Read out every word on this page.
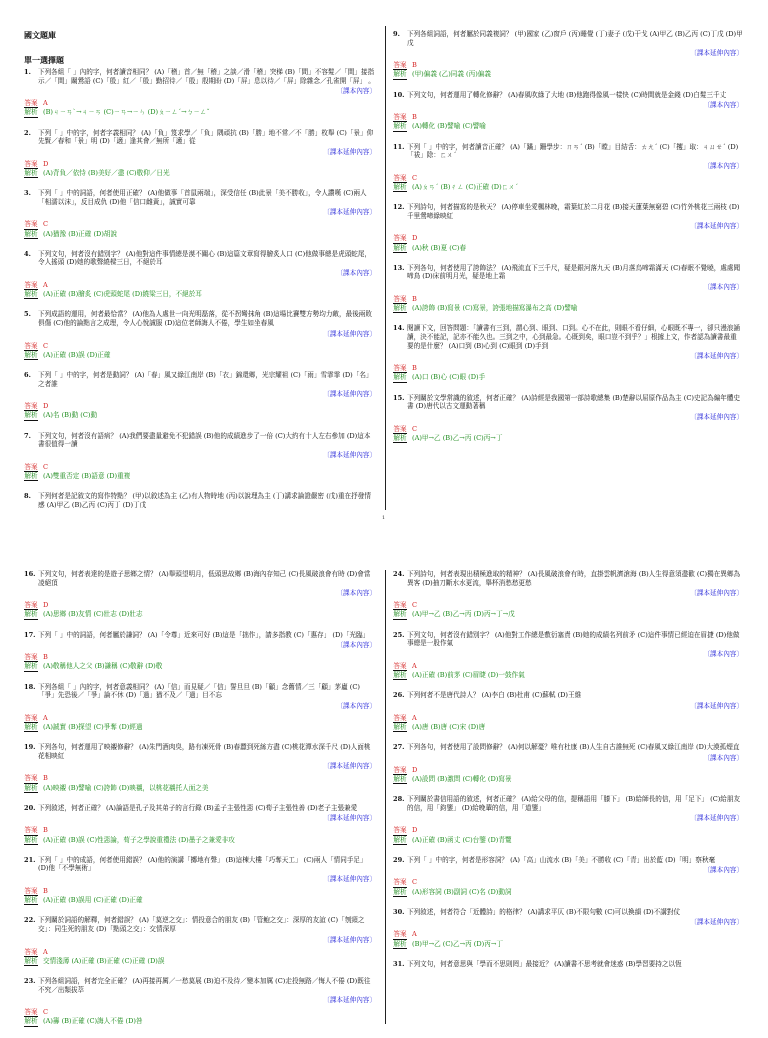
國文題庫
單一選擇題
1.	下列各組「 」內的字，何者讀音相同？ (A)「稽」首／無「稽」之談／滑「稽」突梯 (B)「間」不容髮／「間」接指示／「間」關鶯語 (C)「殷」紅／「殷」勤招待／「殷」殷期盼 (D)「屏」息以待／「屏」除雜念／孔雀開「屏」 。
〔課本內容〕
答案 A
解析 (B)ㄐㄧㄢˋ→ㄐㄧㄢ (C)ㄧㄢ→ㄧㄣ (D)ㄆㄧㄥˊ→ㄅㄧㄥˇ
2.	下列「 」中的字，何者字義相同？ (A)「負」笈求學／「負」隅頑抗 (B)「勝」地不常／不「勝」枚舉 (C)「景」仰先賢／春和「景」明 (D)「適」逢其會／無所「適」從
〔課本延伸內容〕
答案 D
解析 (A)背負／依恃 (B)美好／盡 (C)敬仰／日光
3.	下列「 」中的詞語，何者使用正確？ (A)他做事「首鼠兩端」，深受信任 (B)此景「美不勝收」，令人讚嘆 (C)兩人「相濡以沫」，反目成仇 (D)他「信口雌黃」，誠實可靠
〔課本延伸內容〕
答案 C
解析 (A)猶豫 (B)正確 (D)胡說
4.	下列文句，何者沒有錯別字？ (A)他對這件事情總是漠不關心 (B)這篇文章寫得膾炙人口 (C)他做事總是虎頭蛇尾，令人搖頭 (D)她的歌聲繞樑三日，不絕於耳
〔課本內容〕
答案 A
解析 (A)正確 (B)膾炙 (C)虎頭蛇尾 (D)繞梁三日，不絕於耳
5.	下列成語的運用，何者最恰當？ (A)他為人處世一向光明磊落，從不拐彎抹角 (B)這場比賽雙方勢均力敵，最後兩敗俱傷 (C)他的論點言之成理，令人心悅誠服 (D)這位老師誨人不倦，學生如坐春風
〔課本延伸內容〕
答案 C
解析 (A)正確 (B)誤 (D)正確
6.	下列「 」中的字，何者是動詞？ (A)「春」風又綠江南岸 (B)「衣」錦還鄉，光宗耀祖 (C)「雨」雪霏霏 (D)「名」之者誰
〔課本延伸內容〕
答案 D
解析 (A)名 (B)動 (C)動
7.	下列文句，何者沒有語病？ (A)我們要盡量避免不犯錯誤 (B)他的成績進步了一倍 (C)大約有十人左右參加 (D)這本書很值得一讀
〔課本延伸內容〕
答案 C
解析 (A)雙重否定 (B)語意 (D)重複
8.	下列何者是記敘文的寫作特點？ (甲)以敘述為主 (乙)有人物時地 (丙)以說理為主 (丁)講求論證嚴密 (戊)重在抒發情感 (A)甲乙 (B)乙丙 (C)丙丁 (D)丁戊
9.	下列各組詞語，何者屬於同義複詞？ (甲)國家 (乙)窗戶 (丙)睡覺 (丁)妻子 (戊)干戈 (A)甲乙 (B)乙丙 (C)丁戊 (D)甲戊
〔課本延伸內容〕
答案 B
解析 (甲)偏義 (乙)同義 (丙)偏義
10. 下列文句，何者運用了轉化修辭？ (A)春風吹綠了大地 (B)他跑得像風一樣快 (C)時間就是金錢 (D)白髮三千丈
〔課本內容〕
答案 B
解析 (A)轉化 (B)譬喻 (C)譬喻
11. 下列「 」中的字，何者讀音正確？ (A)「蹣」跚學步：ㄇㄢˊ (B)「瞠」目結舌：ㄊㄤˊ (C)「攫」取：ㄐㄩㄝˊ (D)「祓」除：ㄈㄨˊ
〔課本內容〕
答案 C
解析 (A)ㄆㄢˊ (B)ㄔㄥ (C)正確 (D)ㄈㄨˊ
12. 下列詩句，何者描寫的是秋天？ (A)停車坐愛楓林晚，霜葉紅於二月花 (B)接天蓮葉無窮碧 (C)竹外桃花三兩枝 (D)千里鶯啼綠映紅
〔課本延伸內容〕
答案 D
解析 (A)秋 (B)夏 (C)春
13. 下列各句，何者使用了誇飾法？ (A)飛流直下三千尺，疑是銀河落九天 (B)月落烏啼霜滿天 (C)春眠不覺曉，處處聞啼鳥 (D)床前明月光，疑是地上霜
〔課本內容〕
答案 B
解析 (A)誇飾 (B)寫景 (C)寫景，誇張地描寫瀑布之高 (D)譬喻
14. 閱讀下文，回答問題：「讀書有三到，謂心到、眼到、口到。心不在此，則眼不看仔細，心眼既不專一，卻只漫浪誦讀，決不能記，記亦不能久也。三到之中，心到最急。心既到矣，眼口豈不到乎？」根據上文，作者認為讀書最重要的是什麼？ (A)口到 (B)心到 (C)眼到 (D)手到
〔課本延伸內容〕
答案 B
解析 (A)口 (B)心 (C)眼 (D)手
15. 下列關於文學常識的敘述，何者正確？ (A)詩經是我國第一部詩歌總集 (B)楚辭以屈原作品為主 (C)史記為編年體史書 (D)唐代以古文運動著稱
〔課本延伸內容〕
答案 C
解析 (A)甲→乙 (B)乙→丙 (C)丙→丁
1
16. 下列文句，何者表達的是遊子思鄉之情？ (A)舉頭望明月，低頭思故鄉 (B)海內存知己 (C)長風破浪會有時 (D)會當凌絕頂
〔課本內容〕
答案 D
解析 (A)思鄉 (B)友情 (C)壯志 (D)壯志
17. 下列「 」中的詞語，何者屬於謙詞？ (A)「令尊」近來可好 (B)這是「拙作」，請多指教 (C)「惠存」 (D)「光臨」
〔課本內容〕
答案 B
解析 (A)敬稱他人之父 (B)謙稱 (C)敬辭 (D)敬
18. 下列各組「 」內的字，何者意義相同？ (A)「信」而見疑／「信」誓旦旦 (B)「顧」念舊情／三「顧」茅廬 (C)「爭」先恐後／「爭」論不休 (D)「過」猶不及／「過」目不忘
〔課本內容〕
答案 A
解析 (A)誠實 (B)探望 (C)爭奪 (D)經過
19. 下列各句，何者運用了映襯修辭？ (A)朱門酒肉臭，路有凍死骨 (B)春蠶到死絲方盡 (C)桃花潭水深千尺 (D)人面桃花相映紅
〔課本延伸內容〕
答案 B
解析 (A)映襯 (B)譬喻 (C)誇飾 (D)映襯，以桃花襯托人面之美
20. 下列敘述，何者正確？ (A)論語是孔子及其弟子的言行錄 (B)孟子主張性惡 (C)荀子主張性善 (D)老子主張兼愛
〔課本延伸內容〕
答案 B
解析 (A)正確 (B)誤 (C)性惡論，荀子之學說重禮法 (D)墨子之兼愛非攻
21. 下列「 」中的成語，何者使用錯誤？ (A)他的演講「擲地有聲」 (B)這棟大樓「巧奪天工」 (C)兩人「情同手足」 (D)他「不學無術」
〔課本延伸內容〕
答案 B
解析 (A)正確 (B)誤用 (C)正確 (D)正確
22. 下列關於詞語的解釋，何者錯誤？ (A)「莫逆之交」：情投意合的朋友 (B)「管鮑之交」：深厚的友誼 (C)「刎頸之交」：同生死的朋友 (D)「點頭之交」：交情深厚
〔課本延伸內容〕
答案 A
解析 交情淺薄 (A)正確 (B)正確 (C)正確 (D)誤
23. 下列各組詞語，何者完全正確？ (A)再接再厲／一愁莫展 (B)迫不及待／變本加厲 (C)走投無路／悔人不倦 (D)既往不究／出類拔萃
〔課本延伸內容〕
答案 C
解析 (A)籌 (B)正確 (C)誨人不倦 (D)咎
24. 下列詩句，何者表現出積極進取的精神？ (A)長風破浪會有時，直掛雲帆濟滄海 (B)人生得意須盡歡 (C)獨在異鄉為異客 (D)抽刀斷水水更流，舉杯消愁愁更愁
〔課本延伸內容〕
答案 C
解析 (A)甲→乙 (B)乙→丙 (D)丙→丁→戊
25. 下列文句，何者沒有錯別字？ (A)他對工作總是敷衍塞責 (B)她的成績名列前矛 (C)這件事情已經迫在眉捷 (D)他做事總是一股作氣
〔課本內容〕
答案 A
解析 (A)正確 (B)前茅 (C)眉睫 (D)一鼓作氣
26. 下列何者不是唐代詩人？ (A)李白 (B)杜甫 (C)蘇軾 (D)王維
〔課本延伸內容〕
答案 A
解析 (A)唐 (B)唐 (C)宋 (D)唐
27. 下列各句，何者使用了設問修辭？ (A)何以解憂？唯有杜康 (B)人生自古誰無死 (C)春風又綠江南岸 (D)大漠孤煙直
〔課本內容〕
答案 D
解析 (A)設問 (B)激問 (C)轉化 (D)寫景
28. 下列關於書信用語的敘述，何者正確？ (A)給父母的信，提稱語用「膝下」 (B)給師長的信，用「足下」 (C)給朋友的信，用「鈞鑒」 (D)給晚輩的信，用「道鑒」
〔課本延伸內容〕
答案 D
解析 (A)正確 (B)函丈 (C)台鑒 (D)青覽
29. 下列「 」中的字，何者是形容詞？ (A)「高」山流水 (B)「美」不勝收 (C)「青」出於藍 (D)「明」察秋毫
〔課本內容〕
答案 C
解析 (A)形容詞 (B)副詞 (C)名 (D)動詞
30. 下列敘述，何者符合「近體詩」的格律？ (A)講求平仄 (B)不限句數 (C)可以換韻 (D)不講對仗
〔課本延伸內容〕
答案 A
解析 (B)甲→乙 (C)乙→丙 (D)丙→丁
31. 下列文句，何者意思與「學而不思則罔」最接近？ (A)讀書不思考就會迷惑 (B)學習要持之以恆
